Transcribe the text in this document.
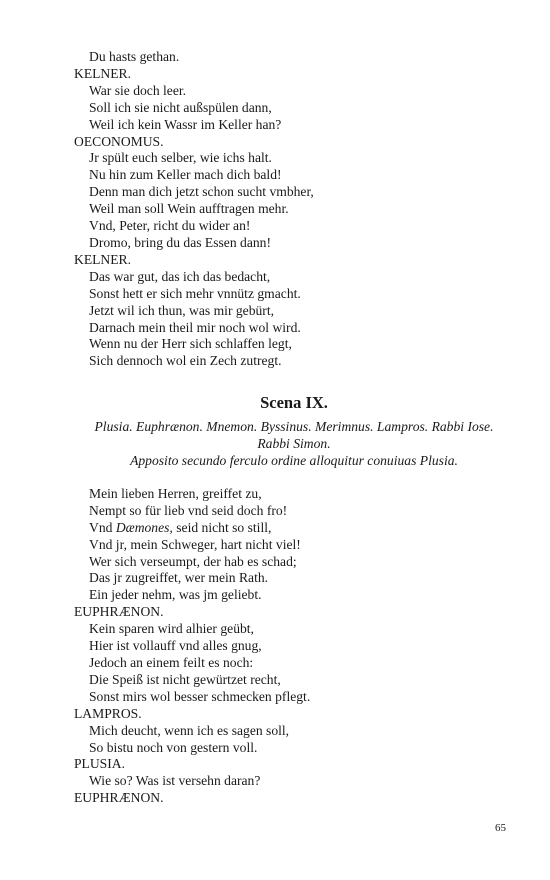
Du hasts gethan.

KELNER.

War sie doch leer.

Soll ich sie nicht außspülen dann,

Weil ich kein Wassr im Keller han?

OECONOMUS.

Jr spült euch selber, wie ichs halt.

Nu hin zum Keller mach dich bald!

Denn man dich jetzt schon sucht vmbher,

Weil man soll Wein aufftragen mehr.

Vnd, Peter, richt du wider an!

Dromo, bring du das Essen dann!

KELNER.

Das war gut, das ich das bedacht,

Sonst hett er sich mehr vnnütz gmacht.

Jetzt wil ich thun, was mir gebürt,

Darnach mein theil mir noch wol wird.

Wenn nu der Herr sich schlaffen legt,

Sich dennoch wol ein Zech zutregt.

Scena IX.
Plusia. Euphrænon. Mnemon. Byssinus. Merimnus. Lampros. Rabbi Iose.
Rabbi Simon.
Apposito secundo ferculo ordine alloquitur conuiuas Plusia.

Mein lieben Herren, greiffet zu,

Nempt so für lieb vnd seid doch fro!

Vnd Dæmones, seid nicht so still,

Vnd jr, mein Schweger, hart nicht viel!

Wer sich verseumpt, der hab es schad;

Das jr zugreiffet, wer mein Rath.

Ein jeder nehm, was jm geliebt.

EUPHRÆNON.

Kein sparen wird alhier geübt,

Hier ist vollauff vnd alles gnug,

Jedoch an einem feilt es noch:

Die Speiß ist nicht gewürtzet recht,

Sonst mirs wol besser schmecken pflegt.

LAMPROS.

Mich deucht, wenn ich es sagen soll,

So bistu noch von gestern voll.

PLUSIA.

Wie so? Was ist versehn daran?

EUPHRÆNON.

65
